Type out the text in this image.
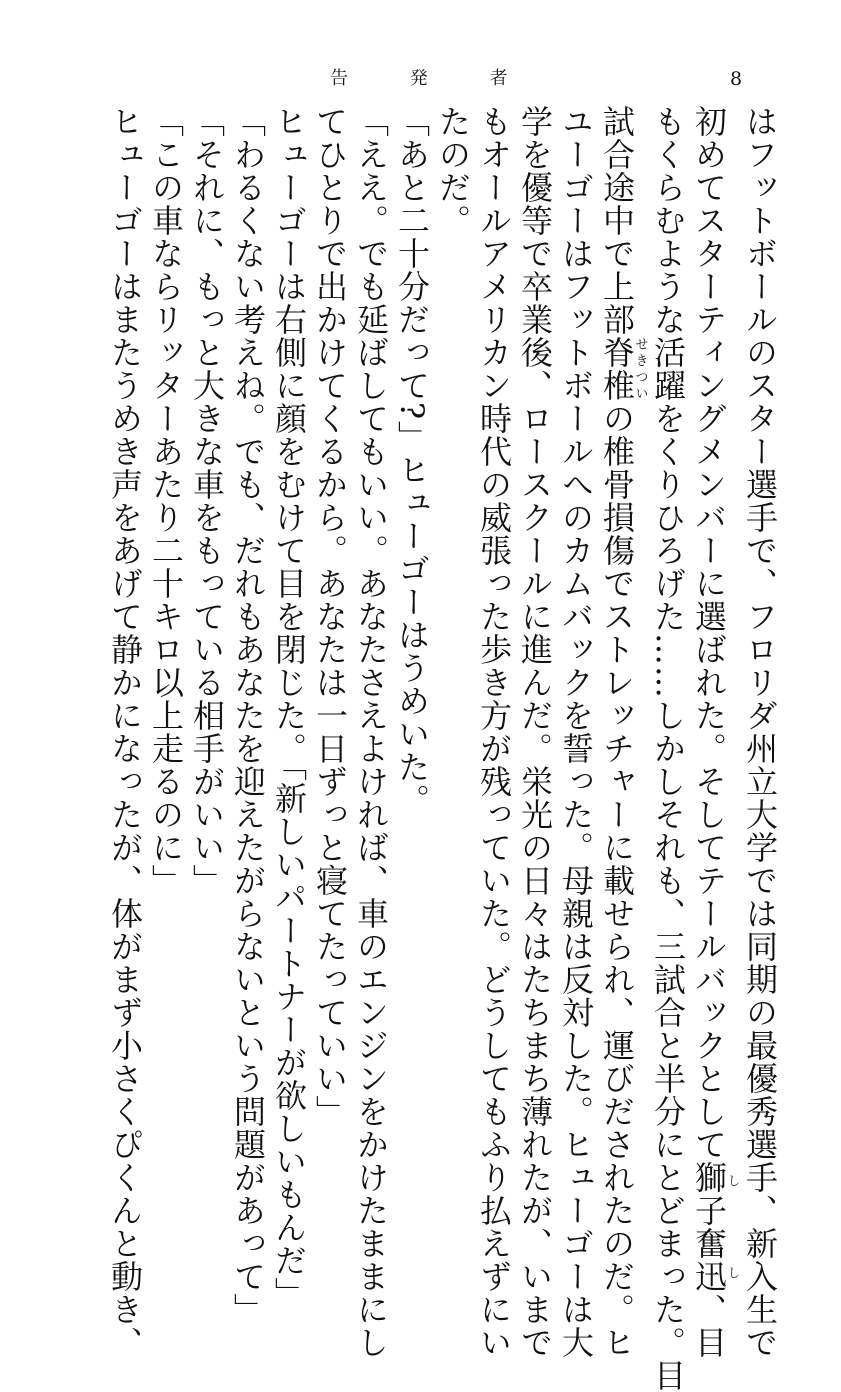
告 発 者	8
はフットボールのスター選手で、フロリダ州立大学では同期の最優秀選手、新入生で
初めてスターティングメンバーに選ばれた。そしてテールバックとして獅子奮迅しし、目
もくらむような活躍をくりひろげた……しかしそれも、三試合と半分にとどまった。目
試合途中で上部脊椎せきついの椎骨損傷でストレッチャーに載せられ、運びだされたのだ。ヒ
ユーゴーはフットボールへのカムバックを誓った。母親は反対した。ヒューゴーは大
学を優等で卒業後、ロースクールに進んだ。栄光の日々はたちまち薄れたが、いまで
もオールアメリカン時代の威張った歩き方が残っていた。どうしてもふり払えずにい
たのだ。
「あと二十分だって?」ヒューゴーはうめいた。
「ええ。でも延ばしてもいい。あなたさえよければ、車のエンジンをかけたままにし
てひとりで出かけてくるから。あなたは一日ずっと寝てたっていい」
ヒューゴーは右側に顔をむけて目を閉じた。「新しいパートナーが欲しいもんだ」
「わるくない考えね。でも、だれもあなたを迎えたがらないという問題があって」
「それに、もっと大きな車をもっている相手がいい」
「この車ならリッターあたり二十キロ以上走るのに」
ヒューゴーはまたうめき声をあげて静かになったが、体がまず小さくぴくんと動き、
